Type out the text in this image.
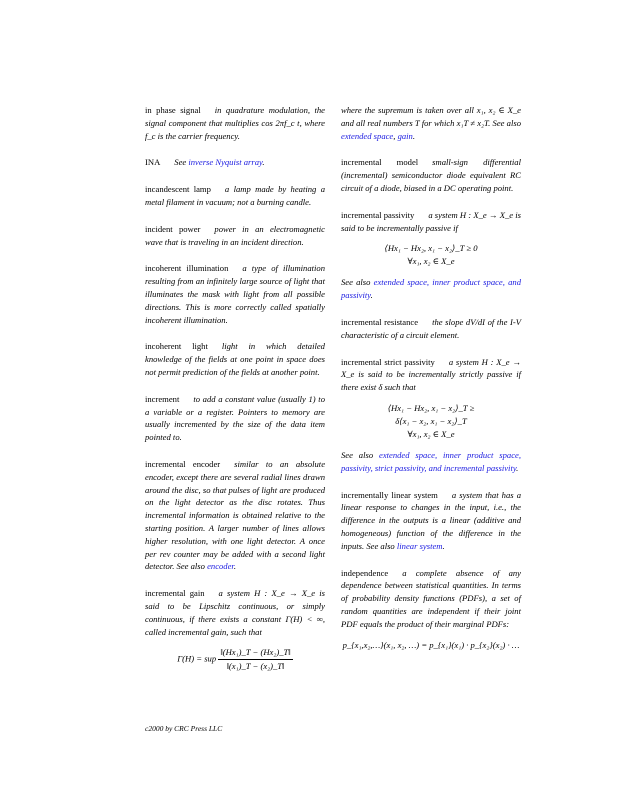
in phase signal in quadrature modulation, the signal component that multiplies cos 2πf_c t, where f_c is the carrier frequency.

INA See inverse Nyquist array.

incandescent lamp a lamp made by heating a metal filament in vacuum; not a burning candle.

incident power power in an electromagnetic wave that is traveling in an incident direction.

incoherent illumination a type of illumination resulting from an infinitely large source of light that illuminates the mask with light from all possible directions. This is more correctly called spatially incoherent illumination.

incoherent light light in which detailed knowledge of the fields at one point in space does not permit prediction of the fields at another point.

increment to add a constant value (usually 1) to a variable or a register. Pointers to memory are usually incremented by the size of the data item pointed to.

incremental encoder similar to an absolute encoder, except there are several radial lines drawn around the disc, so that pulses of light are produced on the light detector as the disc rotates. Thus incremental information is obtained relative to the starting position. A larger number of lines allows higher resolution, with one light detector. A once per rev counter may be added with a second light detector. See also encoder.

incremental gain a system H : X_e → X_e is said to be Lipschitz continuous, or simply continuous, if there exists a constant Γ(H) < ∞, called incremental gain, such that
Γ(H) = sup $\frac{\text{‖(Hx₁)\_T − (Hx₂)\_T‖}}{\text{‖(x₁)\_T − (x₂)\_T‖}}$

where the supremum is taken over all x₁, x₂ ∈ X_e and all real numbers T for which x₁T ≠ x₂T. See also extended space, gain.

incremental model small-sign differential (incremental) semiconductor diode equivalent RC circuit of a diode, biased in a DC operating point.

incremental passivity a system H : X_e → X_e is said to be incrementally passive if
⟨Hx₁ − Hx₂, x₁ − x₂⟩_T ≥ 0
∀x₁, x₂ ∈ X_e
See also extended space, inner product space, and passivity.

incremental resistance the slope dV/dI of the I-V characteristic of a circuit element.

incremental strict passivity a system H : X_e → X_e is said to be incrementally strictly passive if there exist δ such that
⟨Hx₁ − Hx₂, x₁ − x₂⟩_T ≥
δ⟨x₁ − x₂, x₁ − x₂⟩_T
∀x₁, x₂ ∈ X_e
See also extended space, inner product space, passivity, strict passivity, and incremental passivity.

incrementally linear system a system that has a linear response to changes in the input, i.e., the difference in the outputs is a linear (additive and homogeneous) function of the difference in the inputs. See also linear system.

independence a complete absence of any dependence between statistical quantities. In terms of probability density functions (PDFs), a set of random quantities are independent if their joint PDF equals the product of their marginal PDFs:
p_{x₁,x₂,…}(x₁, x₂, …) = p_{x₁}(x₁) · p_{x₂}(x₂) · …
c2000 by CRC Press LLC
